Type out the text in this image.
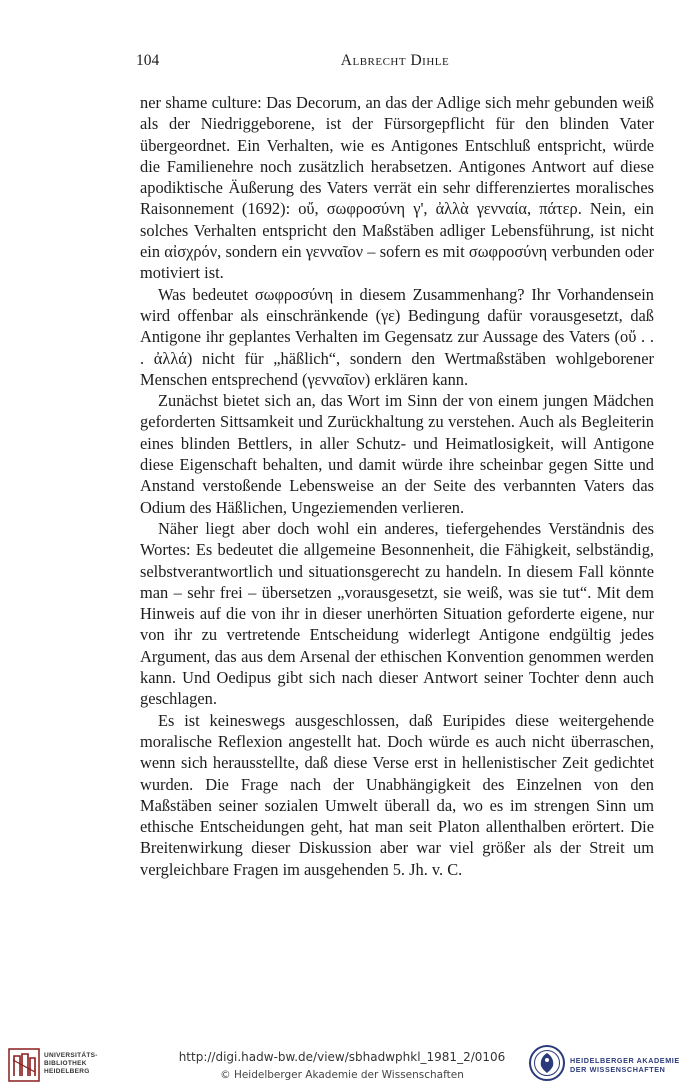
104	Albrecht Dihle

ner shame culture: Das Decorum, an das der Adlige sich mehr gebunden weiß als der Niedriggeborene, ist der Fürsorgepflicht für den blinden Vater übergeordnet. Ein Verhalten, wie es Antigones Entschluß entspricht, würde die Familienehre noch zusätzlich herabsetzen. Antigones Antwort auf diese apodiktische Äußerung des Vaters verrät ein sehr differenziertes moralisches Raisonnement (1692): οὔ, σωφροσύνη γ', ἀλλὰ γενναία, πάτερ. Nein, ein solches Verhalten entspricht den Maßstäben adliger Lebensführung, ist nicht ein αἰσχρόν, sondern ein γενναῖον – sofern es mit σωφροσύνη verbunden oder motiviert ist.

Was bedeutet σωφροσύνη in diesem Zusammenhang? Ihr Vorhandensein wird offenbar als einschränkende (γε) Bedingung dafür vorausgesetzt, daß Antigone ihr geplantes Verhalten im Gegensatz zur Aussage des Vaters (οὔ . . . ἀλλά) nicht für „häßlich“, sondern den Wertmaßstäben wohlgeborener Menschen entsprechend (γενναῖον) erklären kann.

Zunächst bietet sich an, das Wort im Sinn der von einem jungen Mädchen geforderten Sittsamkeit und Zurückhaltung zu verstehen. Auch als Begleiterin eines blinden Bettlers, in aller Schutz- und Heimatlosigkeit, will Antigone diese Eigenschaft behalten, und damit würde ihre scheinbar gegen Sitte und Anstand verstoßende Lebensweise an der Seite des verbannten Vaters das Odium des Häßlichen, Ungeziemenden verlieren.

Näher liegt aber doch wohl ein anderes, tiefergehendes Verständnis des Wortes: Es bedeutet die allgemeine Besonnenheit, die Fähigkeit, selbständig, selbstverantwortlich und situationsgerecht zu handeln. In diesem Fall könnte man – sehr frei – übersetzen „vorausgesetzt, sie weiß, was sie tut“. Mit dem Hinweis auf die von ihr in dieser unerhörten Situation geforderte eigene, nur von ihr zu vertretende Entscheidung widerlegt Antigone endgültig jedes Argument, das aus dem Arsenal der ethischen Konvention genommen werden kann. Und Oedipus gibt sich nach dieser Antwort seiner Tochter denn auch geschlagen.

Es ist keineswegs ausgeschlossen, daß Euripides diese weitergehende moralische Reflexion angestellt hat. Doch würde es auch nicht überraschen, wenn sich herausstellte, daß diese Verse erst in hellenistischer Zeit gedichtet wurden. Die Frage nach der Unabhängigkeit des Einzelnen von den Maßstäben seiner sozialen Umwelt überall da, wo es im strengen Sinn um ethische Entscheidungen geht, hat man seit Platon allenthalben erörtert. Die Breitenwirkung dieser Diskussion aber war viel größer als der Streit um vergleichbare Fragen im ausgehenden 5. Jh. v. C.

UNIVERSITÄTS-
BIBLIOTHEK
HEIDELBERG
http://digi.hadw-bw.de/view/sbhadwphkl_1981_2/0106
© Heidelberger Akademie der Wissenschaften
HEIDELBERGER AKADEMIE
DER WISSENSCHAFTEN
